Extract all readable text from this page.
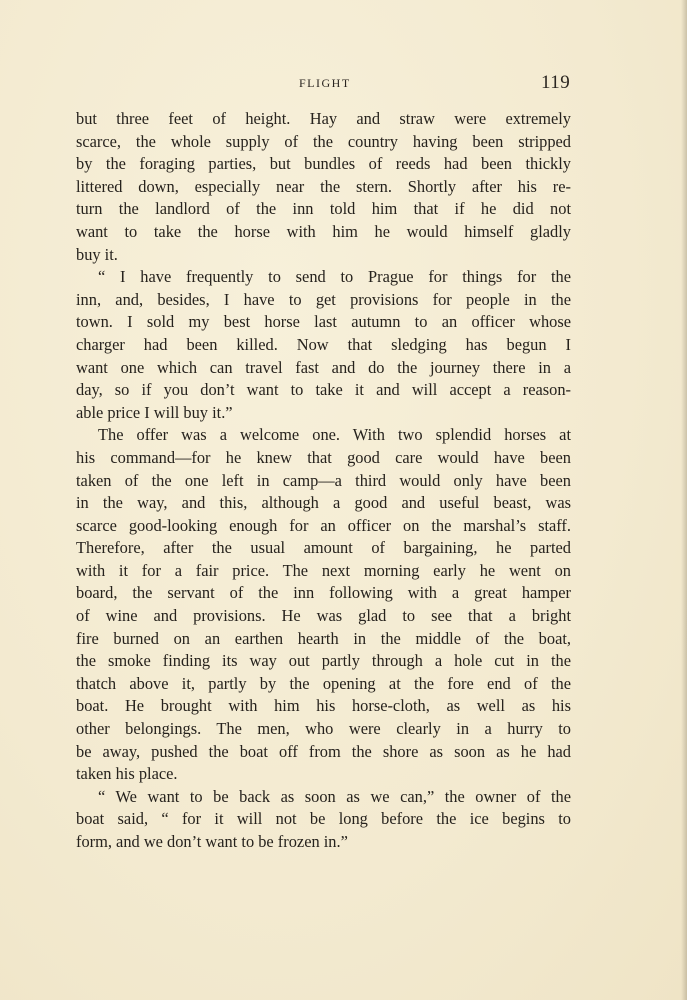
FLIGHT	119
but three feet of height. Hay and straw were extremely
scarce, the whole supply of the country having been stripped
by the foraging parties, but bundles of reeds had been thickly
littered down, especially near the stern. Shortly after his re-
turn the landlord of the inn told him that if he did not
want to take the horse with him he would himself gladly
buy it.
“ I have frequently to send to Prague for things for the
inn, and, besides, I have to get provisions for people in the
town. I sold my best horse last autumn to an officer whose
charger had been killed. Now that sledging has begun I
want one which can travel fast and do the journey there in a
day, so if you don’t want to take it and will accept a reason-
able price I will buy it.”
The offer was a welcome one. With two splendid horses at
his command—for he knew that good care would have been
taken of the one left in camp—a third would only have been
in the way, and this, although a good and useful beast, was
scarce good-looking enough for an officer on the marshal’s staff.
Therefore, after the usual amount of bargaining, he parted
with it for a fair price. The next morning early he went on
board, the servant of the inn following with a great hamper
of wine and provisions. He was glad to see that a bright
fire burned on an earthen hearth in the middle of the boat,
the smoke finding its way out partly through a hole cut in the
thatch above it, partly by the opening at the fore end of the
boat. He brought with him his horse-cloth, as well as his
other belongings. The men, who were clearly in a hurry to
be away, pushed the boat off from the shore as soon as he had
taken his place.
“ We want to be back as soon as we can,” the owner of the
boat said, “ for it will not be long before the ice begins to
form, and we don’t want to be frozen in.”
